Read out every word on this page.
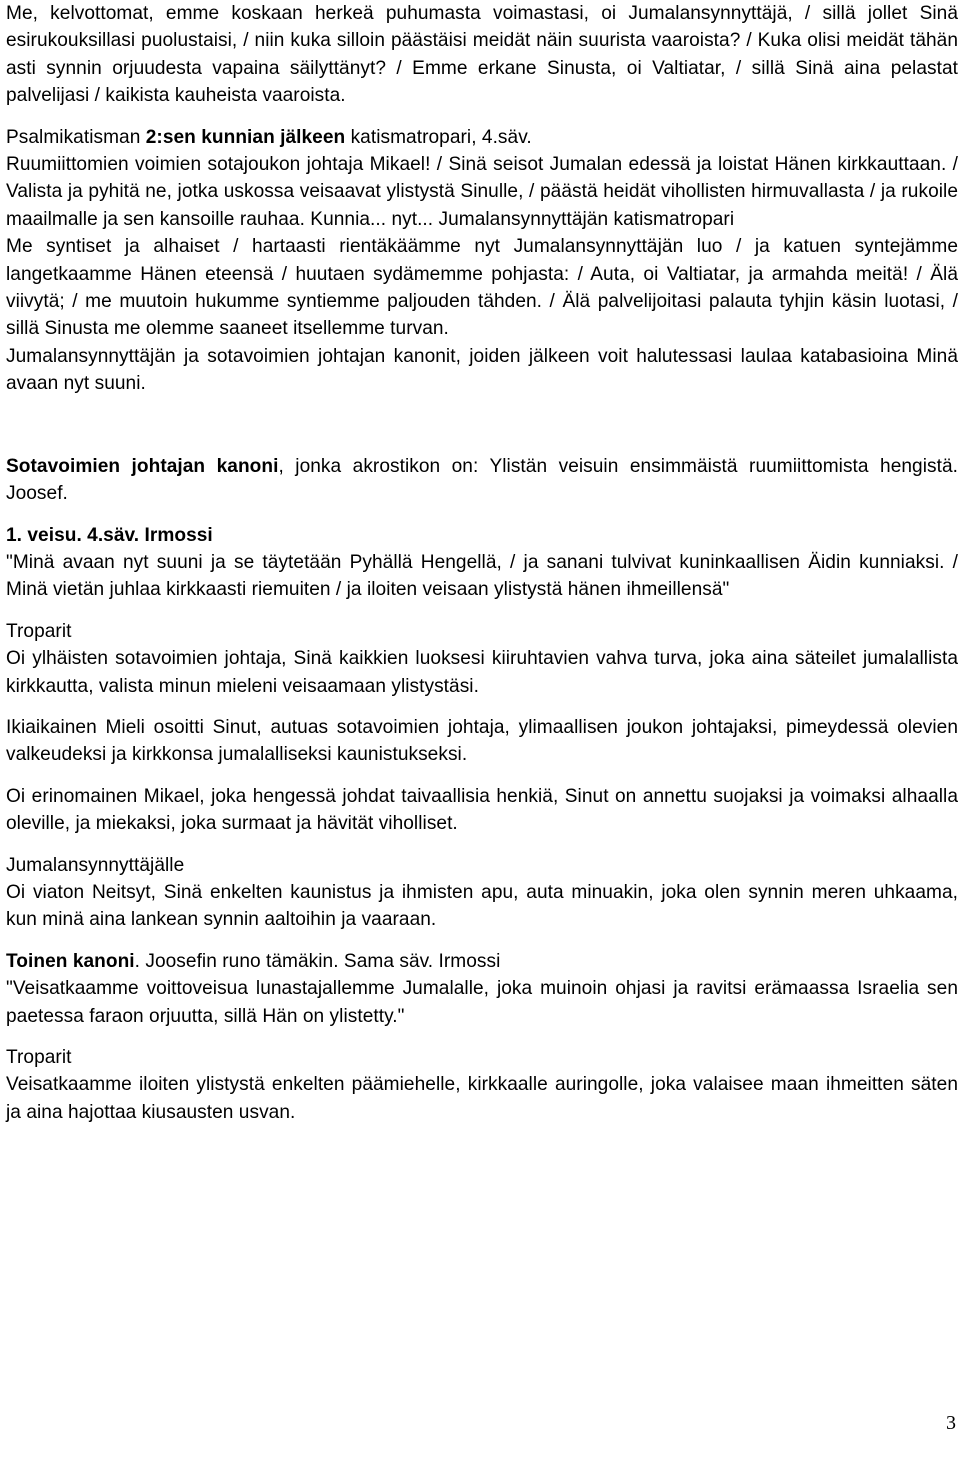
Me, kelvottomat, emme koskaan herkeä puhumasta voimastasi, oi Jumalansynnyttäjä, / sillä jollet Sinä esirukouksillasi puolustaisi, / niin kuka silloin päästäisi meidät näin suurista vaaroista? / Kuka olisi meidät tähän asti synnin orjuudesta vapaina säilyttänyt? / Emme erkane Sinusta, oi Valtiatar, / sillä Sinä aina pelastat palvelijasi / kaikista kauheista vaaroista.

Psalmikatisman 2:sen kunnian jälkeen katismatropari, 4.säv.

Ruumiittomien voimien sotajoukon johtaja Mikael! / Sinä seisot Jumalan edessä ja loistat Hänen kirkkauttaan. / Valista ja pyhitä ne, jotka uskossa veisaavat ylistystä Sinulle, / päästä heidät vihollisten hirmuvallasta / ja rukoile maailmalle ja sen kansoille rauhaa. Kunnia... nyt... Jumalansynnyttäjän katismatropari

Me syntiset ja alhaiset / hartaasti rientäkäämme nyt Jumalansynnyttäjän luo / ja katuen syntejämme langetkaamme Hänen eteensä / huutaen sydämemme pohjasta: / Auta, oi Valtiatar, ja armahda meitä! / Älä viivytä; / me muutoin hukumme syntiemme paljouden tähden. / Älä palvelijoitasi palauta tyhjin käsin luotasi, / sillä Sinusta me olemme saaneet itsellemme turvan.

Jumalansynnyttäjän ja sotavoimien johtajan kanonit, joiden jälkeen voit halutessasi laulaa katabasioina Minä avaan nyt suuni.

Sotavoimien johtajan kanoni, jonka akrostikon on: Ylistän veisuin ensimmäistä ruumiittomista hengistä. Joosef.

1. veisu. 4.säv. Irmossi

"Minä avaan nyt suuni ja se täytetään Pyhällä Hengellä, / ja sanani tulvivat kuninkaallisen Äidin kunniaksi. / Minä vietän juhlaa kirkkaasti riemuiten / ja iloiten veisaan ylistystä hänen ihmeillensä"

Troparit

Oi ylhäisten sotavoimien johtaja, Sinä kaikkien luoksesi kiiruhtavien vahva turva, joka aina säteilet jumalallista kirkkautta, valista minun mieleni veisaamaan ylistystäsi.

Ikiaikainen Mieli osoitti Sinut, autuas sotavoimien johtaja, ylimaallisen joukon johtajaksi, pimeydessä olevien valkeudeksi ja kirkkonsa jumalalliseksi kaunistukseksi.

Oi erinomainen Mikael, joka hengessä johdat taivaallisia henkiä, Sinut on annettu suojaksi ja voimaksi alhaalla oleville, ja miekaksi, joka surmaat ja hävität viholliset.

Jumalansynnyttäjälle

Oi viaton Neitsyt, Sinä enkelten kaunistus ja ihmisten apu, auta minuakin, joka olen synnin meren uhkaama, kun minä aina lankean synnin aaltoihin ja vaaraan.

Toinen kanoni. Joosefin runo tämäkin. Sama säv. Irmossi

"Veisatkaamme voittoveisua lunastajallemme Jumalalle, joka muinoin ohjasi ja ravitsi erämaassa Israelia sen paetessa faraon orjuutta, sillä Hän on ylistetty."

Troparit

Veisatkaamme iloiten ylistystä enkelten päämiehelle, kirkkaalle auringolle, joka valaisee maan ihmeitten säten ja aina hajottaa kiusausten usvan.

3
